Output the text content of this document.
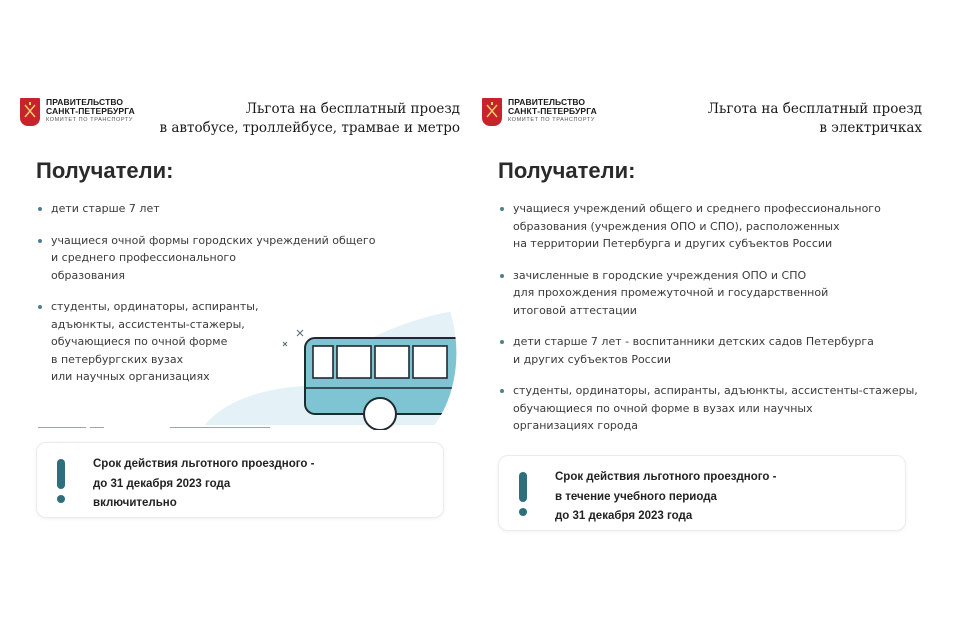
ПРАВИТЕЛЬСТВО
САНКТ-ПЕТЕРБУРГА
КОМИТЕТ ПО ТРАНСПОРТУ
Льгота на бесплатный проезд
в автобусе, троллейбусе, трамвае и метро
Получатели:
дети старше 7 лет
учащиеся очной формы городских учреждений общего
и среднего профессионального
образования
студенты, ординаторы, аспиранты,
адъюнкты, ассистенты-стажеры,
обучающиеся по очной форме
в петербургских вузах
или научных организациях
Срок действия льготного проездного -
до 31 декабря 2023 года
включительно
ПРАВИТЕЛЬСТВО
САНКТ-ПЕТЕРБУРГА
КОМИТЕТ ПО ТРАНСПОРТУ
Льгота на бесплатный проезд
в электричках
Получатели:
учащиеся учреждений общего и среднего профессионального
образования (учреждения ОПО и СПО), расположенных
на территории Петербурга и других субъектов России
зачисленные в городские учреждения ОПО и СПО
для прохождения промежуточной и государственной
итоговой аттестации
дети старше 7 лет - воспитанники детских садов Петербурга
и других субъектов России
студенты, ординаторы, аспиранты, адъюнкты, ассистенты-стажеры,
обучающиеся по очной форме в вузах или научных
организациях города
Срок действия льготного проездного -
в течение учебного периода
до 31 декабря 2023 года
